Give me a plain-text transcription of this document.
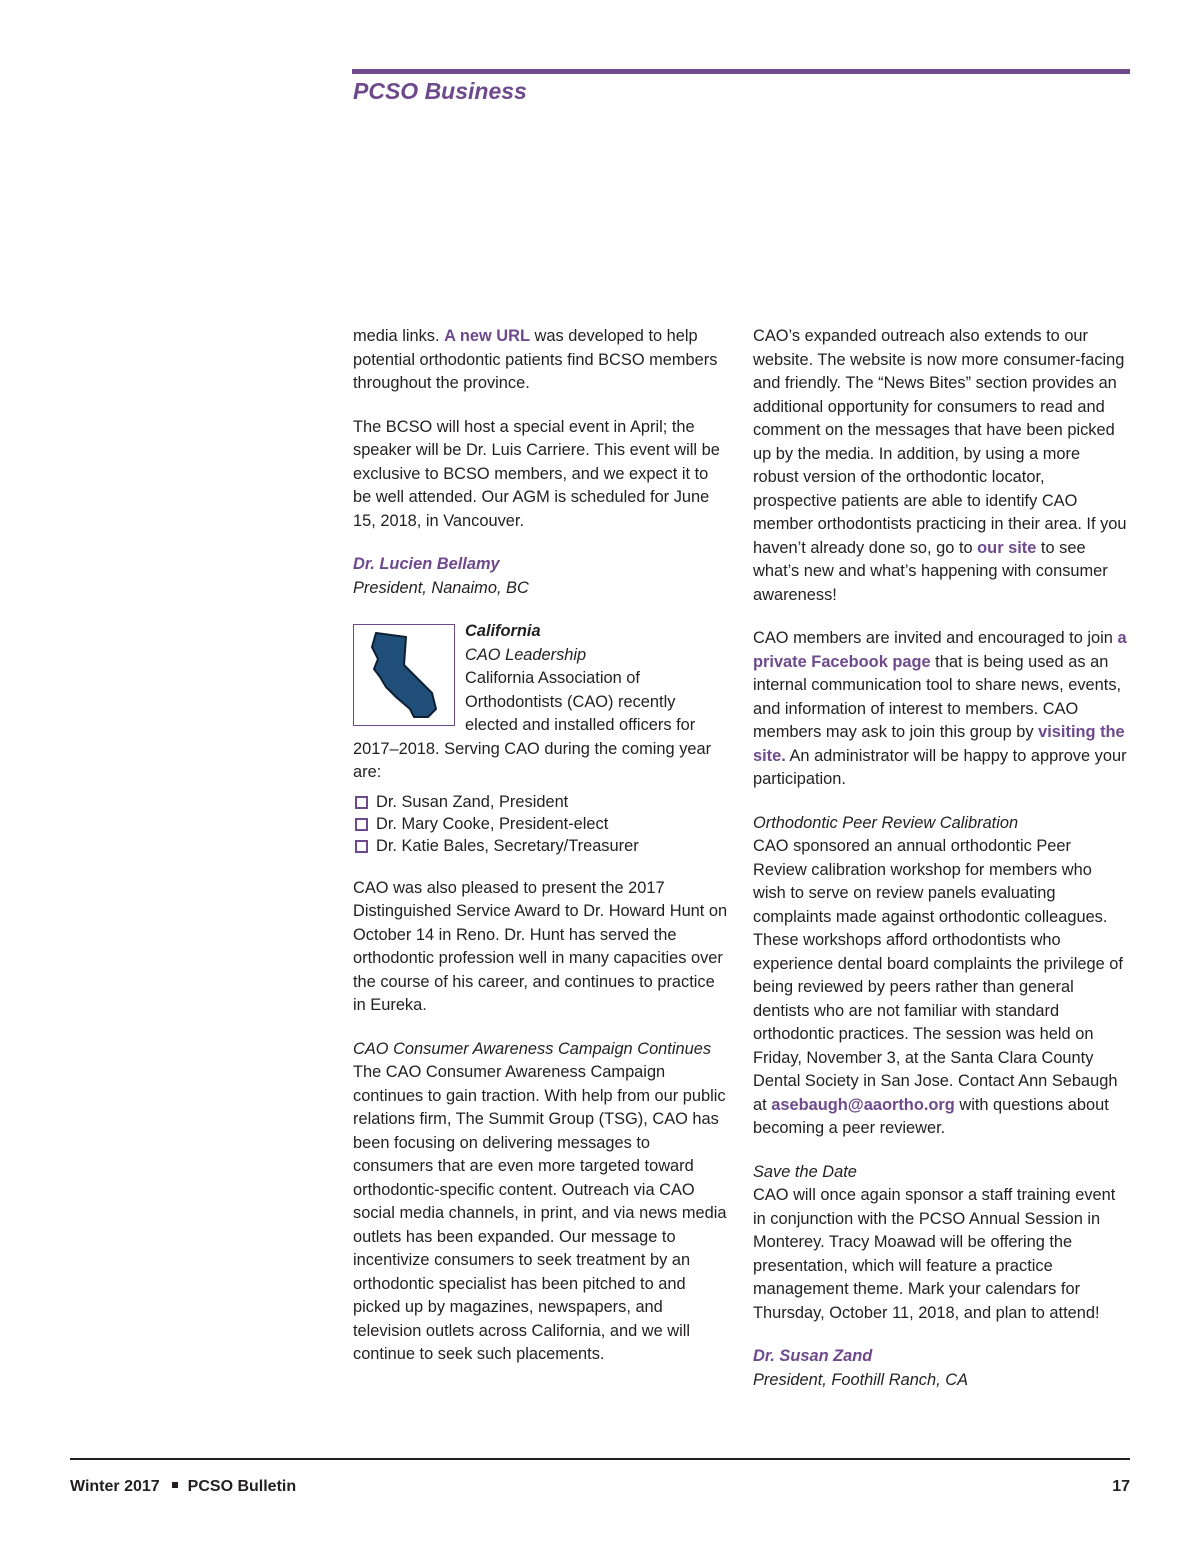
PCSO Business

media links. A new URL was developed to help potential orthodontic patients find BCSO members throughout the province.

The BCSO will host a special event in April; the speaker will be Dr. Luis Carriere. This event will be exclusive to BCSO members, and we expect it to be well attended. Our AGM is scheduled for June 15, 2018, in Vancouver.

Dr. Lucien Bellamy
President, Nanaimo, BC

California
CAO Leadership
California Association of Orthodontists (CAO) recently elected and installed officers for 2017–2018. Serving CAO during the coming year are:
Dr. Susan Zand, President
Dr. Mary Cooke, President-elect
Dr. Katie Bales, Secretary/Treasurer

CAO was also pleased to present the 2017 Distinguished Service Award to Dr. Howard Hunt on October 14 in Reno. Dr. Hunt has served the orthodontic profession well in many capacities over the course of his career, and continues to practice in Eureka.

CAO Consumer Awareness Campaign Continues
The CAO Consumer Awareness Campaign continues to gain traction. With help from our public relations firm, The Summit Group (TSG), CAO has been focusing on delivering messages to consumers that are even more targeted toward orthodontic-specific content. Outreach via CAO social media channels, in print, and via news media outlets has been expanded. Our message to incentivize consumers to seek treatment by an orthodontic specialist has been pitched to and picked up by magazines, newspapers, and television outlets across California, and we will continue to seek such placements.

CAO’s expanded outreach also extends to our website. The website is now more consumer-facing and friendly. The “News Bites” section provides an additional opportunity for consumers to read and comment on the messages that have been picked up by the media. In addition, by using a more robust version of the orthodontic locator, prospective patients are able to identify CAO member orthodontists practicing in their area. If you haven’t already done so, go to our site to see what’s new and what’s happening with consumer awareness!

CAO members are invited and encouraged to join a private Facebook page that is being used as an internal communication tool to share news, events, and information of interest to members. CAO members may ask to join this group by visiting the site. An administrator will be happy to approve your participation.

Orthodontic Peer Review Calibration
CAO sponsored an annual orthodontic Peer Review calibration workshop for members who wish to serve on review panels evaluating complaints made against orthodontic colleagues. These workshops afford orthodontists who experience dental board complaints the privilege of being reviewed by peers rather than general dentists who are not familiar with standard orthodontic practices. The session was held on Friday, November 3, at the Santa Clara County Dental Society in San Jose. Contact Ann Sebaugh at asebaugh@aaortho.org with questions about becoming a peer reviewer.

Save the Date
CAO will once again sponsor a staff training event in conjunction with the PCSO Annual Session in Monterey. Tracy Moawad will be offering the presentation, which will feature a practice management theme. Mark your calendars for Thursday, October 11, 2018, and plan to attend!

Dr. Susan Zand
President, Foothill Ranch, CA

Winter 2017 PCSO Bulletin	17
